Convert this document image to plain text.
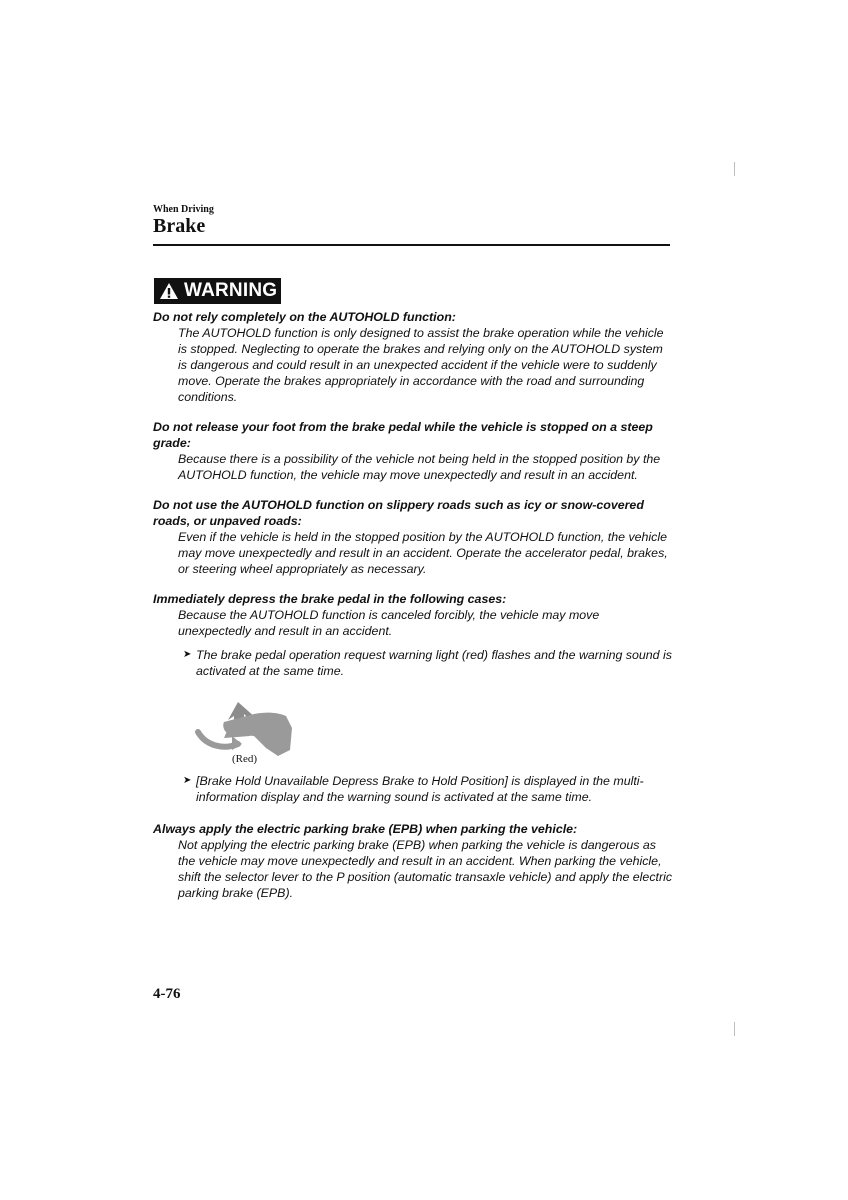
When Driving
Brake
WARNING

Do not rely completely on the AUTOHOLD function:

The AUTOHOLD function is only designed to assist the brake operation while the vehicle is stopped. Neglecting to operate the brakes and relying only on the AUTOHOLD system is dangerous and could result in an unexpected accident if the vehicle were to suddenly move. Operate the brakes appropriately in accordance with the road and surrounding conditions.

Do not release your foot from the brake pedal while the vehicle is stopped on a steep grade:

Because there is a possibility of the vehicle not being held in the stopped position by the AUTOHOLD function, the vehicle may move unexpectedly and result in an accident.

Do not use the AUTOHOLD function on slippery roads such as icy or snow-covered roads, or unpaved roads:

Even if the vehicle is held in the stopped position by the AUTOHOLD function, the vehicle may move unexpectedly and result in an accident. Operate the accelerator pedal, brakes, or steering wheel appropriately as necessary.

Immediately depress the brake pedal in the following cases:

Because the AUTOHOLD function is canceled forcibly, the vehicle may move unexpectedly and result in an accident.

➤ The brake pedal operation request warning light (red) flashes and the warning sound is activated at the same time.
(Red)
➤ [Brake Hold Unavailable Depress Brake to Hold Position] is displayed in the multi-information display and the warning sound is activated at the same time.

Always apply the electric parking brake (EPB) when parking the vehicle:

Not applying the electric parking brake (EPB) when parking the vehicle is dangerous as the vehicle may move unexpectedly and result in an accident. When parking the vehicle, shift the selector lever to the P position (automatic transaxle vehicle) and apply the electric parking brake (EPB).

4-76
